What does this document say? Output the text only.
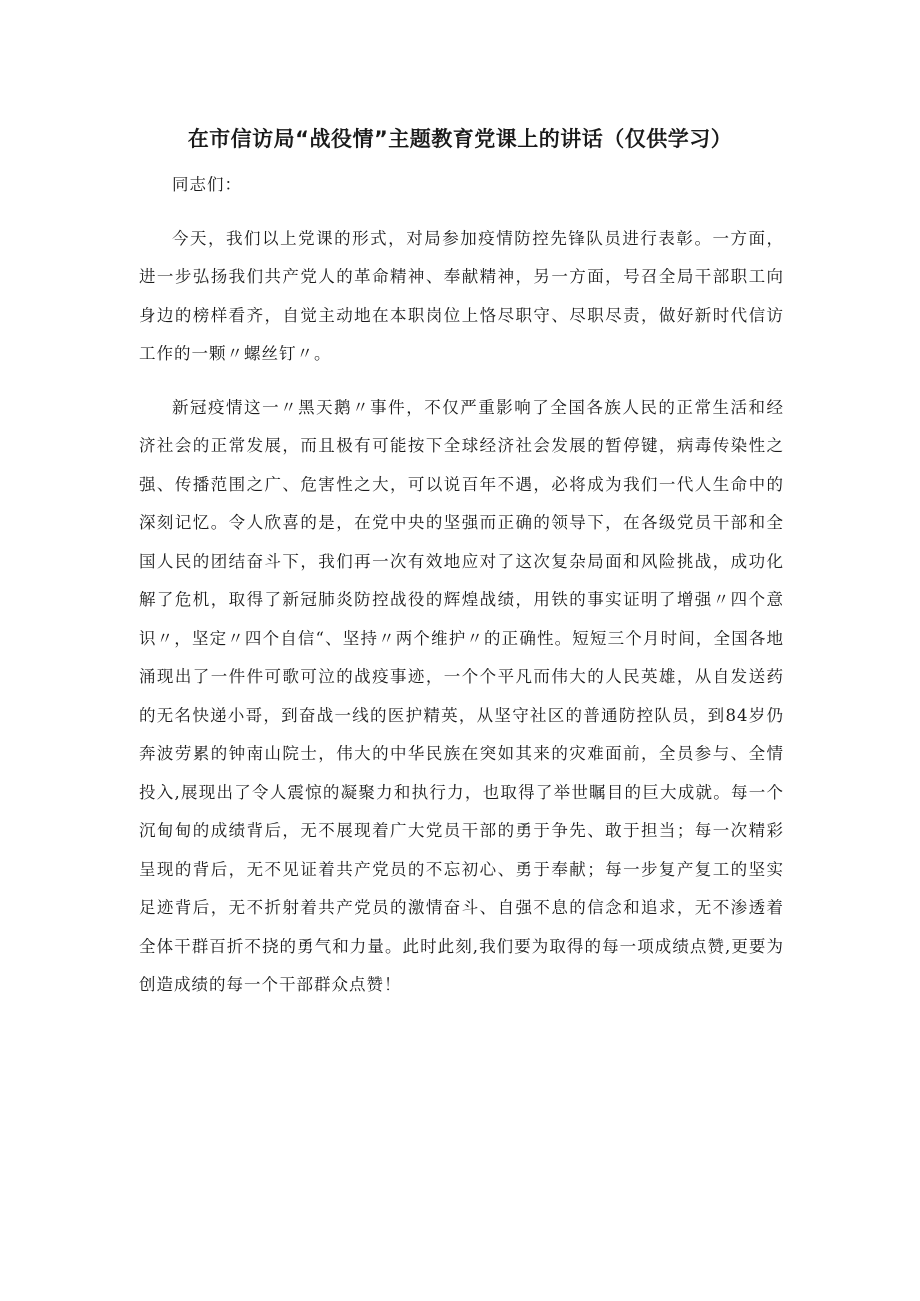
在市信访局“战役情”主题教育党课上的讲话（仅供学习）

同志们：

今天，我们以上党课的形式，对局参加疫情防控先锋队员进行表彰。一方面，进一步弘扬我们共产党人的革命精神、奉献精神，另一方面，号召全局干部职工向身边的榜样看齐，自觉主动地在本职岗位上恪尽职守、尽职尽责，做好新时代信访工作的一颗〃螺丝钉〃。

新冠疫情这一〃黑天鹅〃事件，不仅严重影响了全国各族人民的正常生活和经济社会的正常发展，而且极有可能按下全球经济社会发展的暂停键，病毒传染性之强、传播范围之广、危害性之大，可以说百年不遇，必将成为我们一代人生命中的深刻记忆。令人欣喜的是，在党中央的坚强而正确的领导下，在各级党员干部和全国人民的团结奋斗下，我们再一次有效地应对了这次复杂局面和风险挑战，成功化解了危机，取得了新冠肺炎防控战役的辉煌战绩，用铁的事实证明了增强〃四个意识〃，坚定〃四个自信“、坚持〃两个维护〃的正确性。短短三个月时间，全国各地涌现出了一件件可歌可泣的战疫事迹，一个个平凡而伟大的人民英雄，从自发送药的无名快递小哥，到奋战一线的医护精英，从坚守社区的普通防控队员，到84岁仍奔波劳累的钟南山院士，伟大的中华民族在突如其来的灾难面前，全员参与、全情投入,展现出了令人震惊的凝聚力和执行力，也取得了举世瞩目的巨大成就。每一个沉甸甸的成绩背后，无不展现着广大党员干部的勇于争先、敢于担当；每一次精彩呈现的背后，无不见证着共产党员的不忘初心、勇于奉献；每一步复产复工的坚实足迹背后，无不折射着共产党员的激情奋斗、自强不息的信念和追求，无不渗透着全体干群百折不挠的勇气和力量。此时此刻,我们要为取得的每一项成绩点赞,更要为创造成绩的每一个干部群众点赞！
